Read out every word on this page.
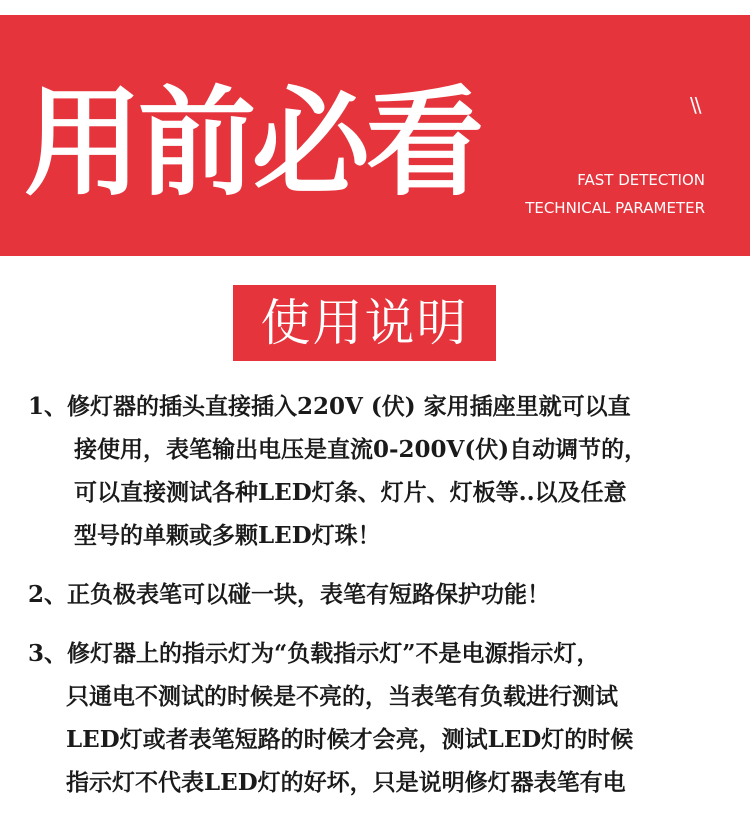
用前必看	\\
FAST DETECTION
TECHNICAL PARAMETER
使用说明
1、修灯器的插头直接插入220V (伏) 家用插座里就可以直
接使用，表笔输出电压是直流0-200V(伏)自动调节的，
可以直接测试各种LED灯条、灯片、灯板等..以及任意
型号的单颗或多颗LED灯珠！
2、正负极表笔可以碰一块，表笔有短路保护功能！
3、修灯器上的指示灯为“负载指示灯”不是电源指示灯，
只通电不测试的时候是不亮的，当表笔有负载进行测试
LED灯或者表笔短路的时候才会亮，测试LED灯的时候
指示灯不代表LED灯的好坏，只是说明修灯器表笔有电
